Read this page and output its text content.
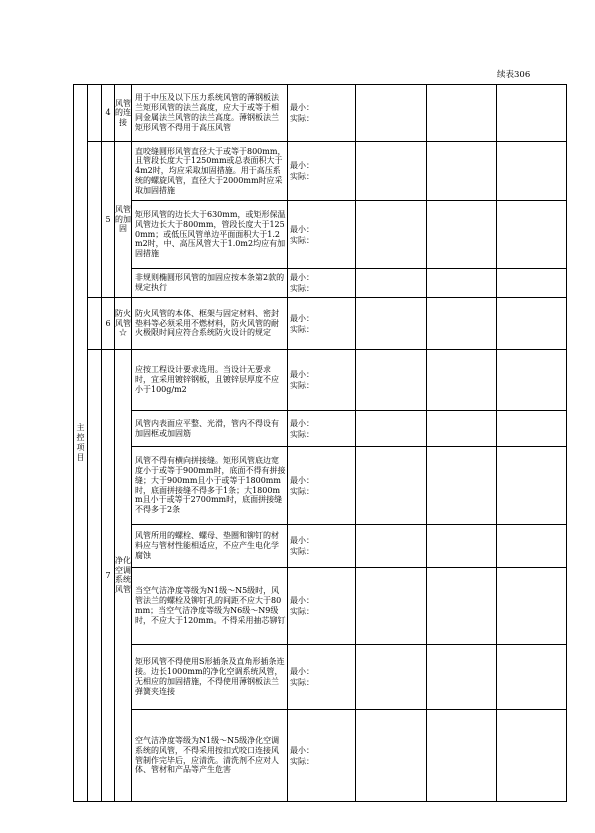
续表306
主控项目		4	风管的连接	用于中压及以下压力系统风管的薄钢板法兰矩形风管的法兰高度，应大于或等于相同金属法兰风管的法兰高度。薄钢板法兰矩形风管不得用于高压风管	最小：
实际：			

		5	风管的加固	直咬缝圆形风管直径大于或等于800mm，且管段长度大于1250mm或总表面积大于4m2时，均应采取加固措施。用于高压系统的螺旋风管，直径大于2000mm时应采取加固措施	最小：
实际：			

				矩形风管的边长大于630mm，或矩形保温风管边长大于800mm，管段长度大于1250mm；或低压风管单边平面面积大于1.2m2时，中、高压风管大于1.0m2均应有加固措施	最小：
实际：			

				非规则椭圆形风管的加固应按本条第2款的规定执行	最小：
实际：			

		6	防火风管☆	防火风管的本体、框架与固定材料、密封垫料等必须采用不燃材料，防火风管的耐火极限时间应符合系统防火设计的规定	最小：
实际：			

		7	净化空调系统风管	应按工程设计要求选用。当设计无要求时，宜采用镀锌钢板，且镀锌层厚度不应小于100g/m2	最小：
实际：			

				风管内表面应平整、光滑，管内不得设有加固框或加固筋	最小：
实际：			

				风管不得有横向拼接缝。矩形风管底边宽度小于或等于900mm时，底面不得有拼接缝；大于900mm且小于或等于1800mm时，底面拼接缝不得多于1条；大1800mm且小于或等于2700mm时，底面拼接缝不得多于2条	最小：
实际：			

				风管所用的螺栓、螺母、垫圈和铆钉的材料应与管材性能相适应，不应产生电化学腐蚀	最小：
实际：			

				当空气洁净度等级为N1级～N5级时，风管法兰的螺栓及铆钉孔的间距不应大于80mm；当空气洁净度等级为N6级～N9级时，不应大于120mm。不得采用抽芯铆钉	最小：
实际：			

				矩形风管不得使用S形插条及直角形插条连接。边长1000mm的净化空调系统风管，无相应的加固措施，不得使用薄钢板法兰弹簧夹连接	最小：
实际：			

				空气洁净度等级为N1级～N5级净化空调系统的风管，不得采用按扣式咬口连接风管制作完毕后，应清洗。清洗剂不应对人体、管材和产品等产生危害	最小：
实际：			
